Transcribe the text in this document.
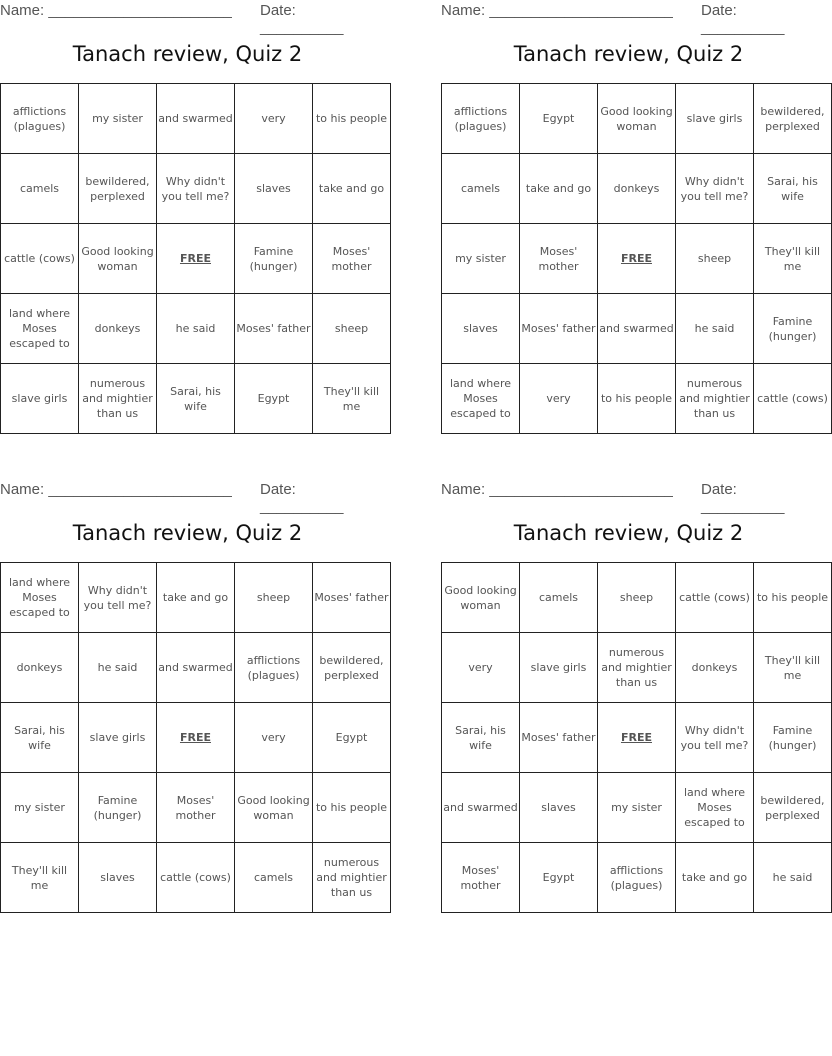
Name: ______________________ Date: __________
Tanach review, Quiz 2
afflictions (plagues)	my sister	and swarmed	very	to his people
camels	bewildered, perplexed	Why didn't you tell me?	slaves	take and go
cattle (cows)	Good looking woman	FREE	Famine (hunger)	Moses' mother
land where Moses escaped to	donkeys	he said	Moses' father	sheep
slave girls	numerous and mightier than us	Sarai, his wife	Egypt	They'll kill me
Name: ______________________ Date: __________
Tanach review, Quiz 2
afflictions (plagues)	Egypt	Good looking woman	slave girls	bewildered, perplexed
camels	take and go	donkeys	Why didn't you tell me?	Sarai, his wife
my sister	Moses' mother	FREE	sheep	They'll kill me
slaves	Moses' father	and swarmed	he said	Famine (hunger)
land where Moses escaped to	very	to his people	numerous and mightier than us	cattle (cows)
Name: ______________________ Date: __________
Tanach review, Quiz 2
land where Moses escaped to	Why didn't you tell me?	take and go	sheep	Moses' father
donkeys	he said	and swarmed	afflictions (plagues)	bewildered, perplexed
Sarai, his wife	slave girls	FREE	very	Egypt
my sister	Famine (hunger)	Moses' mother	Good looking woman	to his people
They'll kill me	slaves	cattle (cows)	camels	numerous and mightier than us
Name: ______________________ Date: __________
Tanach review, Quiz 2
Good looking woman	camels	sheep	cattle (cows)	to his people
very	slave girls	numerous and mightier than us	donkeys	They'll kill me
Sarai, his wife	Moses' father	FREE	Why didn't you tell me?	Famine (hunger)
and swarmed	slaves	my sister	land where Moses escaped to	bewildered, perplexed
Moses' mother	Egypt	afflictions (plagues)	take and go	he said
